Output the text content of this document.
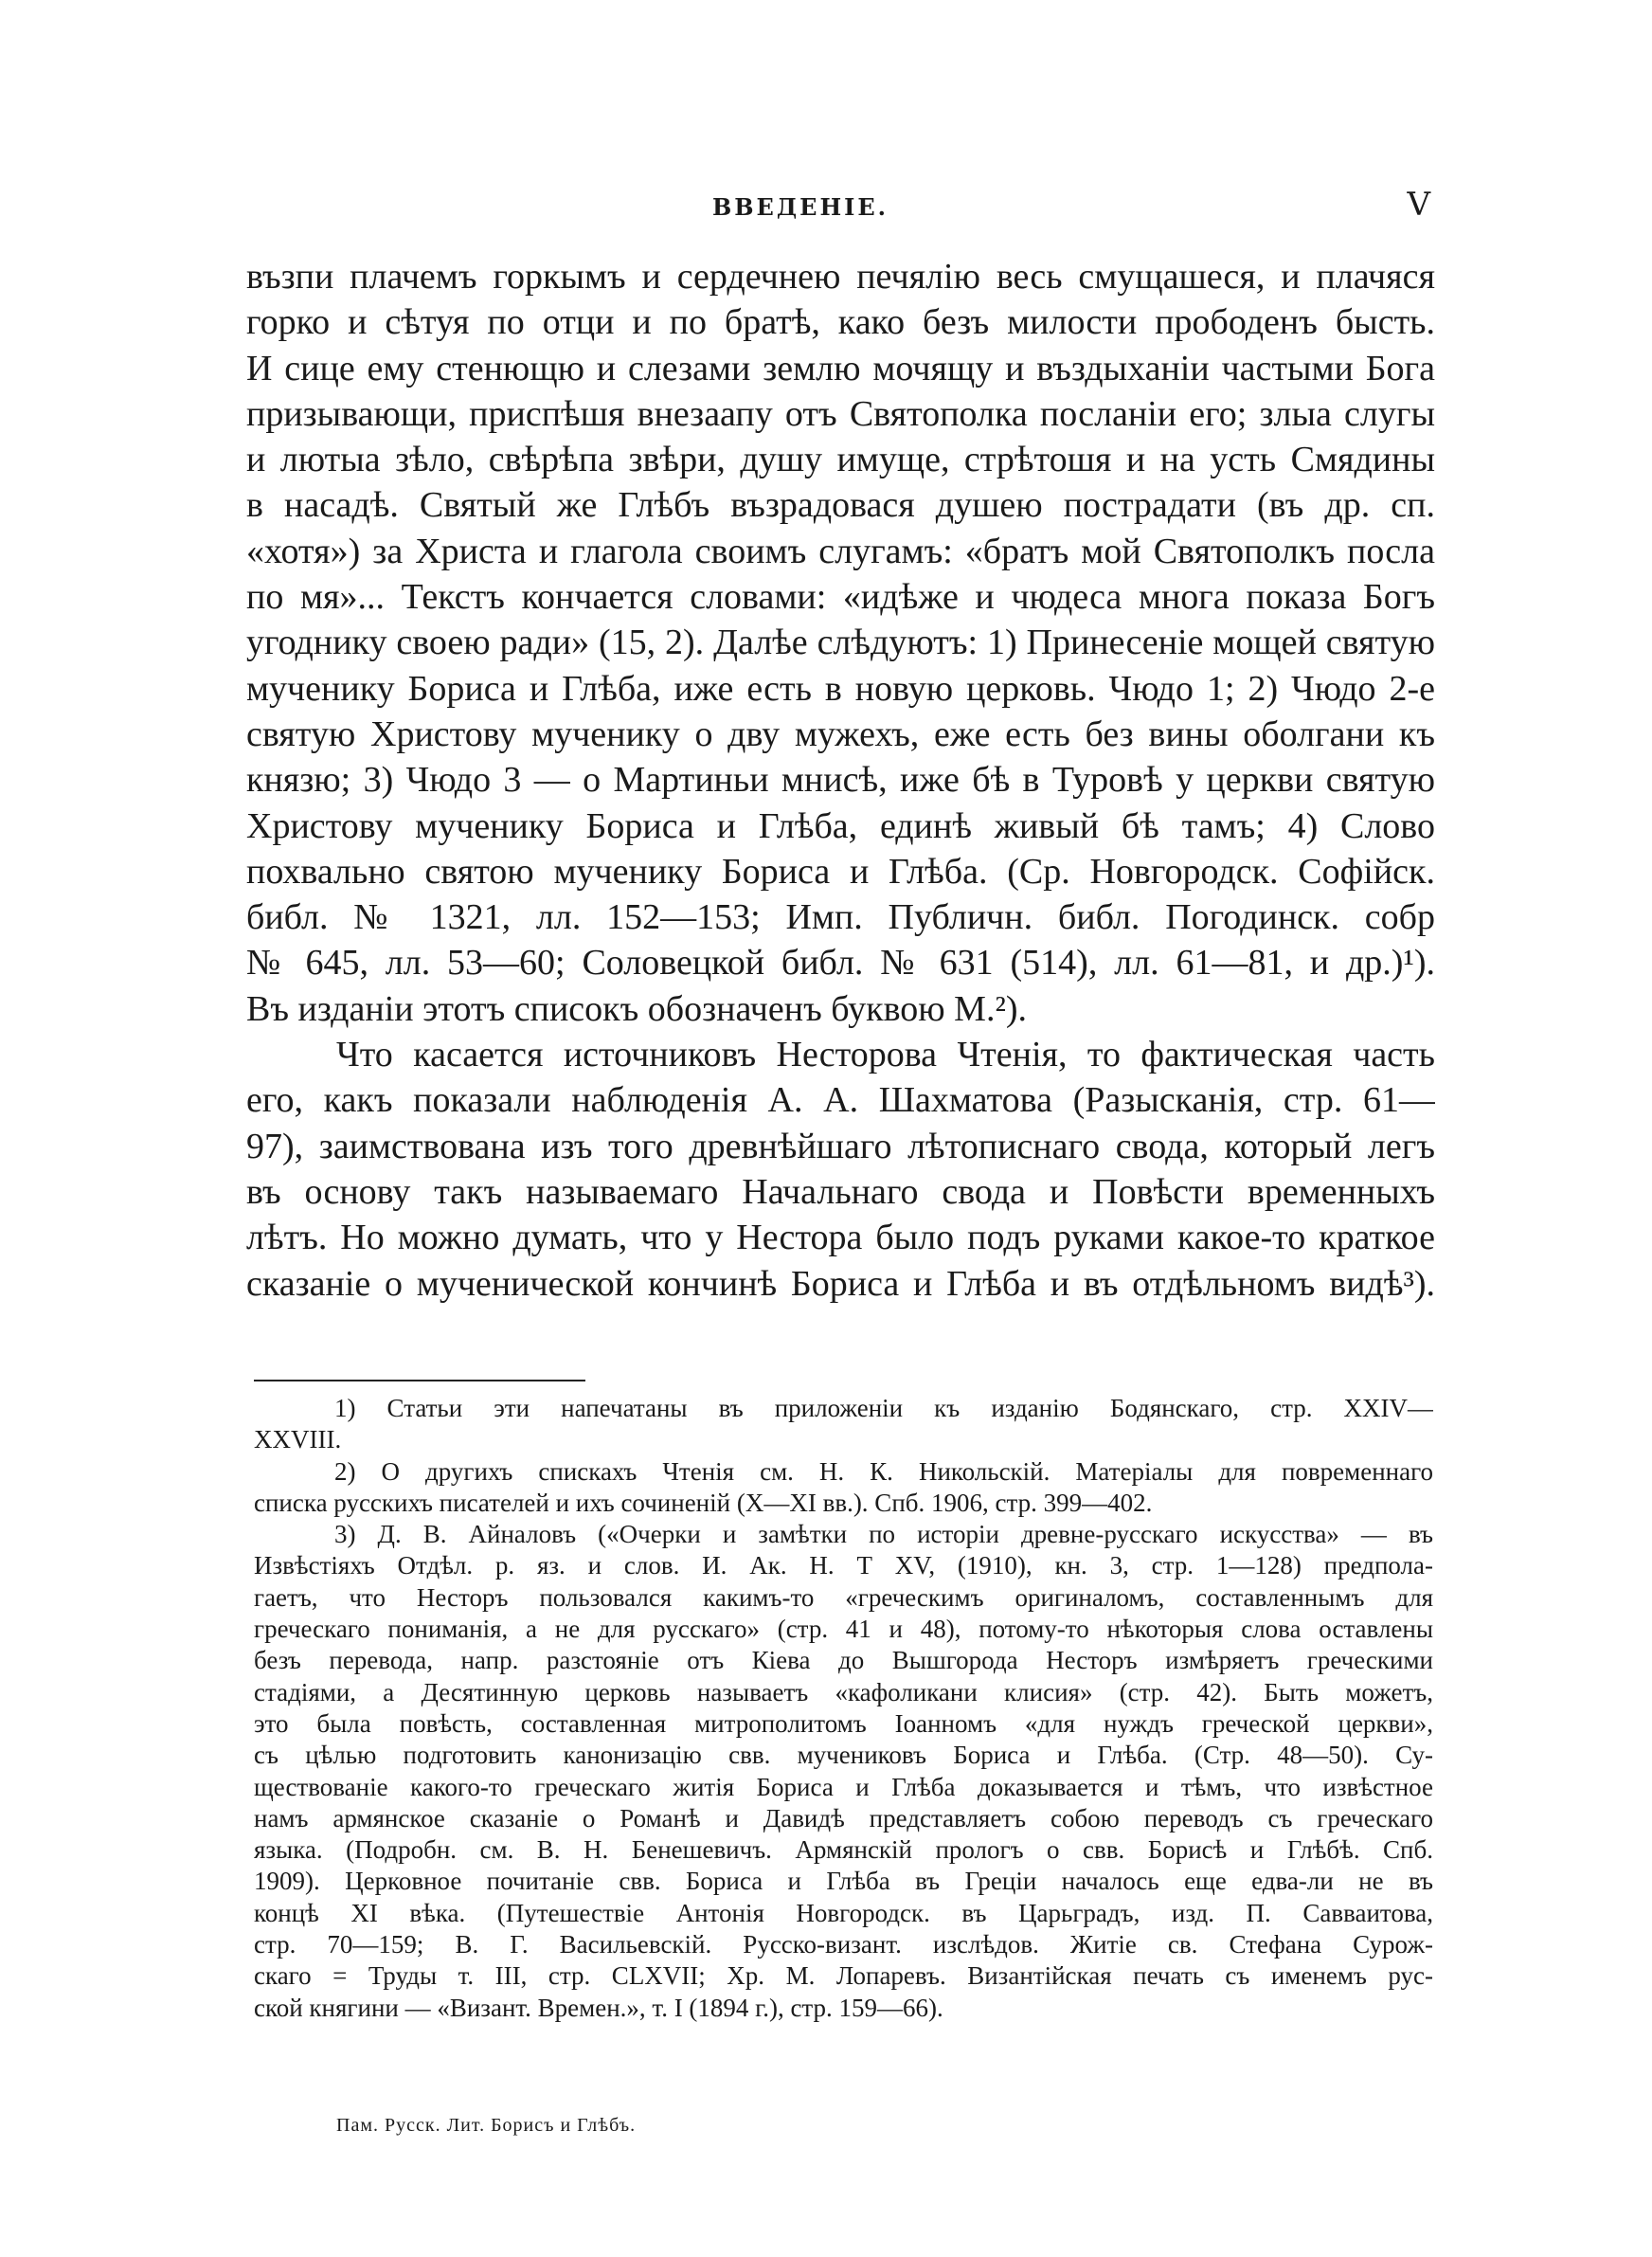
ВВЕДЕНІЕ.	V
възпи плачемъ горкымъ и сердечнею печялію весь смущашеся, и плачяся
горко и сѣтуя по отци и по братѣ, како безъ милости прободенъ бысть.
И сице ему стенющю и слезами землю мочящу и въздыханіи частыми Бога
призывающи, приспѣшя внезаапу отъ Святополка посланіи его; злыа слугы
и лютыа зѣло, свѣрѣпа звѣри, душу имуще, стрѣтошя и на усть Смядины
в насадѣ. Святый же Глѣбъ възрадовася душею пострадати (въ др. сп.
«хотя») за Христа и глагола своимъ слугамъ: «братъ мой Святополкъ посла
по мя»... Текстъ кончается словами: «идѣже и чюдеса многа показа Богъ
угоднику своею ради» (15, 2). Далѣе слѣдуютъ: 1) Принесеніе мощей святую
мученику Бориса и Глѣба, иже есть в новую церковь. Чюдо 1; 2) Чюдо 2-е
святую Христову мученику о дву мужехъ, еже есть без вины оболгани къ
князю; 3) Чюдо 3 — о Мартиньи мнисѣ, иже бѣ в Туровѣ у церкви святую
Христову мученику Бориса и Глѣба, единѣ живый бѣ тамъ; 4) Слово
похвально святою мученику Бориса и Глѣба. (Ср. Новгородск. Софійск.
библ. № 1321, лл. 152—153; Имп. Публичн. библ. Погодинск. собр
№ 645, лл. 53—60; Соловецкой библ. № 631 (514), лл. 61—81, и др.)¹).
Въ изданіи этотъ списокъ обозначенъ буквою М.²).
Что касается источниковъ Несторова Чтенія, то фактическая часть
его, какъ показали наблюденія А. А. Шахматова (Разысканія, стр. 61—
97), заимствована изъ того древнѣйшаго лѣтописнаго свода, который легъ
въ основу такъ называемаго Начальнаго свода и Повѣсти временныхъ
лѣтъ. Но можно думать, что у Нестора было подъ руками какое-то краткое
сказаніе о мученической кончинѣ Бориса и Глѣба и въ отдѣльномъ видѣ³).
1) Статьи эти напечатаны въ приложеніи къ изданію Бодянскаго, стр. XXIV—
XXVIII.
2) О другихъ спискахъ Чтенія см. Н. К. Никольскій. Матеріалы для повременнаго
списка русскихъ писателей и ихъ сочиненій (X—XI вв.). Спб. 1906, стр. 399—402.
3) Д. В. Айналовъ («Очерки и замѣтки по исторіи древне-русскаго искусства» — въ
Извѣстіяхъ Отдѣл. р. яз. и слов. И. Ак. Н. Т XV, (1910), кн. 3, стр. 1—128) предпола-
гаетъ, что Несторъ пользовался какимъ-то «греческимъ оригиналомъ, составленнымъ для
греческаго пониманія, а не для русскаго» (стр. 41 и 48), потому-то нѣкоторыя слова оставлены
безъ перевода, напр. разстояніе отъ Кіева до Вышгорода Несторъ измѣряетъ греческими
стадіями, а Десятинную церковь называетъ «кафоликани клисия» (стр. 42). Быть можетъ,
это была повѣсть, составленная митрополитомъ Іоанномъ «для нуждъ греческой церкви»,
съ цѣлью подготовить канонизацію свв. мучениковъ Бориса и Глѣба. (Стр. 48—50). Су-
ществованіе какого-то греческаго житія Бориса и Глѣба доказывается и тѣмъ, что извѣстное
намъ армянское сказаніе о Романѣ и Давидѣ представляетъ собою переводъ съ греческаго
языка. (Подробн. см. В. Н. Бенешевичъ. Армянскій прологъ о свв. Борисѣ и Глѣбѣ. Спб.
1909). Церковное почитаніе свв. Бориса и Глѣба въ Греціи началось еще едва-ли не въ
концѣ XI вѣка. (Путешествіе Антонія Новгородск. въ Царьградъ, изд. П. Савваитова,
стр. 70—159; В. Г. Васильевскій. Русско-визант. изслѣдов. Житіе св. Стефана Сурож-
скаго = Труды т. III, стр. CLXVII; Хр. М. Лопаревъ. Византійская печать съ именемъ рус-
ской княгини — «Визант. Времен.», т. I (1894 г.), стр. 159—66).
Пам. Русск. Лит. Борисъ и Глѣбъ.
